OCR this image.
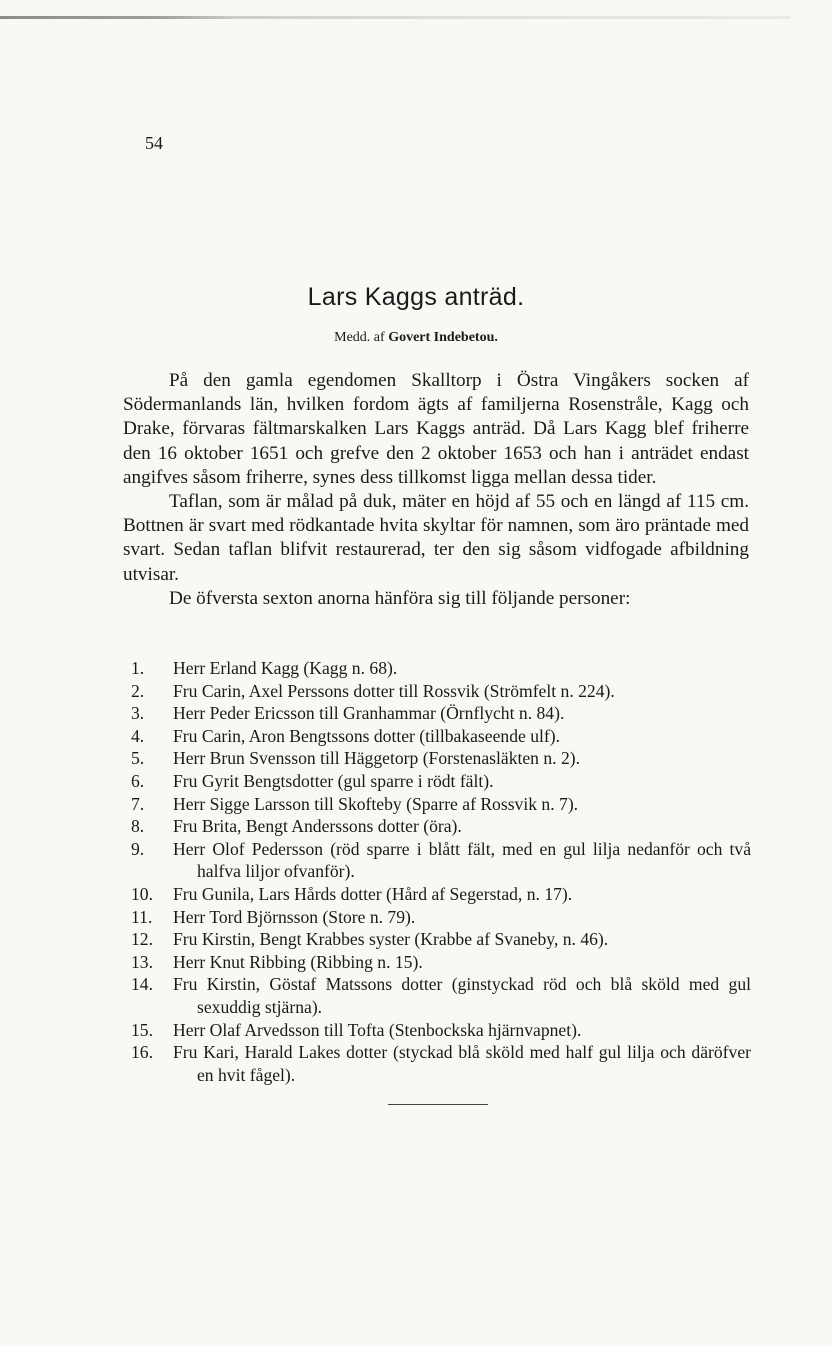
54
Lars Kaggs anträd.
Medd. af Govert Indebetou.

På den gamla egendomen Skalltorp i Östra Vingåkers socken af Södermanlands län, hvilken fordom ägts af familjerna Rosenstråle, Kagg och Drake, förvaras fältmarskalken Lars Kaggs anträd. Då Lars Kagg blef friherre den 16 oktober 1651 och grefve den 2 oktober 1653 och han i anträdet endast angifves såsom friherre, synes dess tillkomst ligga mellan dessa tider.

Taflan, som är målad på duk, mäter en höjd af 55 och en längd af 115 cm. Bottnen är svart med rödkantade hvita skyltar för namnen, som äro präntade med svart. Sedan taflan blifvit restaurerad, ter den sig såsom vidfogade afbildning utvisar.

De öfversta sexton anorna hänföra sig till följande personer:

1. Herr Erland Kagg (Kagg n. 68).
2. Fru Carin, Axel Perssons dotter till Rossvik (Strömfelt n. 224).
3. Herr Peder Ericsson till Granhammar (Örnflycht n. 84).
4. Fru Carin, Aron Bengtssons dotter (tillbakaseende ulf).
5. Herr Brun Svensson till Häggetorp (Forstenasläkten n. 2).
6. Fru Gyrit Bengtsdotter (gul sparre i rödt fält).
7. Herr Sigge Larsson till Skofteby (Sparre af Rossvik n. 7).
8. Fru Brita, Bengt Anderssons dotter (öra).
9. Herr Olof Pedersson (röd sparre i blått fält, med en gul lilja nedanför och två halfva liljor ofvanför).
10. Fru Gunila, Lars Hårds dotter (Hård af Segerstad, n. 17).
11. Herr Tord Björnsson (Store n. 79).
12. Fru Kirstin, Bengt Krabbes syster (Krabbe af Svaneby, n. 46).
13. Herr Knut Ribbing (Ribbing n. 15).
14. Fru Kirstin, Göstaf Matssons dotter (ginstyckad röd och blå sköld med gul sexuddig stjärna).
15. Herr Olaf Arvedsson till Tofta (Stenbockska hjärnvapnet).
16. Fru Kari, Harald Lakes dotter (styckad blå sköld med half gul lilja och däröfver en hvit fågel).
